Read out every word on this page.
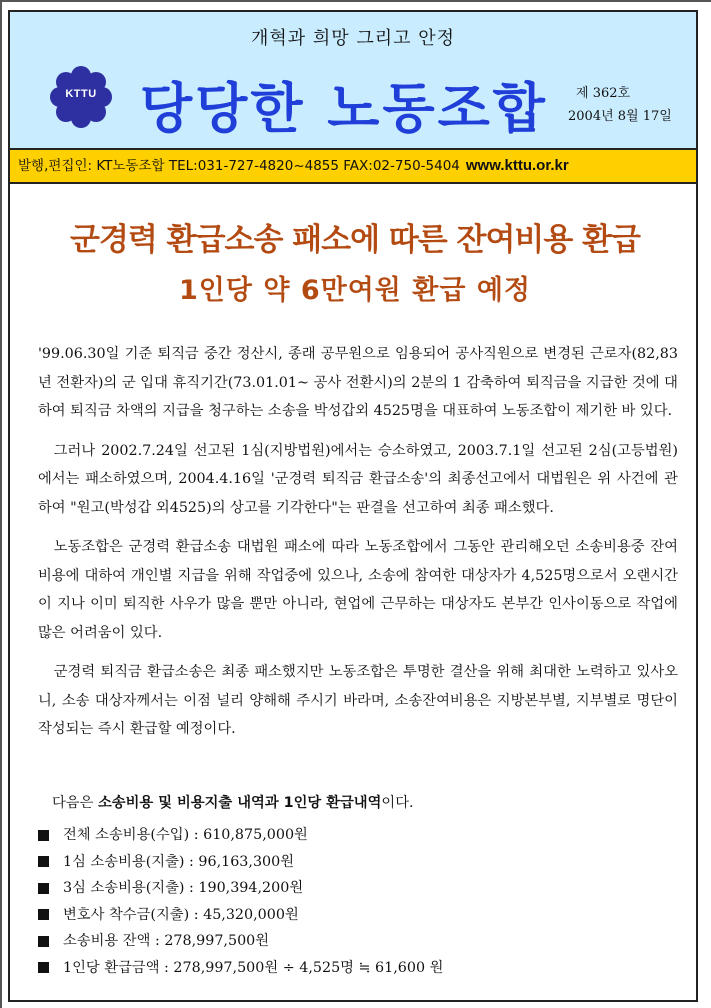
개혁과 희망 그리고 안정
KTTU 당당한 노동조합 제 362호
2004년 8월 17일
발행,편집인: KT노동조합 TEL:031-727-4820~4855 FAX:02-750-5404 www.kttu.or.kr
군경력 환급소송 패소에 따른 잔여비용 환급
1인당 약 6만여원 환급 예정

'99.06.30일 기준 퇴직금 중간 정산시, 종래 공무원으로 임용되어 공사직원으로 변경된 근로자(82,83년 전환자)의 군 입대 휴직기간(73.01.01~ 공사 전환시)의 2분의 1 감축하여 퇴직금을 지급한 것에 대하여 퇴직금 차액의 지급을 청구하는 소송을 박성갑외 4525명을 대표하여 노동조합이 제기한 바 있다.

그러나 2002.7.24일 선고된 1심(지방법원)에서는 승소하였고, 2003.7.1일 선고된 2심(고등법원)에서는 패소하였으며, 2004.4.16일 '군경력 퇴직금 환급소송'의 최종선고에서 대법원은 위 사건에 관하여 "원고(박성갑 외4525)의 상고를 기각한다"는 판결을 선고하여 최종 패소했다.

노동조합은 군경력 환급소송 대법원 패소에 따라 노동조합에서 그동안 관리해오던 소송비용중 잔여비용에 대하여 개인별 지급을 위해 작업중에 있으나, 소송에 참여한 대상자가 4,525명으로서 오랜시간이 지나 이미 퇴직한 사우가 많을 뿐만 아니라, 현업에 근무하는 대상자도 본부간 인사이동으로 작업에 많은 어려움이 있다.

군경력 퇴직금 환급소송은 최종 패소했지만 노동조합은 투명한 결산을 위해 최대한 노력하고 있사오니, 소송 대상자께서는 이점 널리 양해해 주시기 바라며, 소송잔여비용은 지방본부별, 지부별로 명단이 작성되는 즉시 환급할 예정이다.

다음은 소송비용 및 비용지출 내역과 1인당 환급내역이다.
전체 소송비용(수입) : 610,875,000원
1심 소송비용(지출) : 96,163,300원
3심 소송비용(지출) : 190,394,200원
변호사 착수금(지출) : 45,320,000원
소송비용 잔액 : 278,997,500원
1인당 환급금액 : 278,997,500원 ÷ 4,525명 ≒ 61,600 원
